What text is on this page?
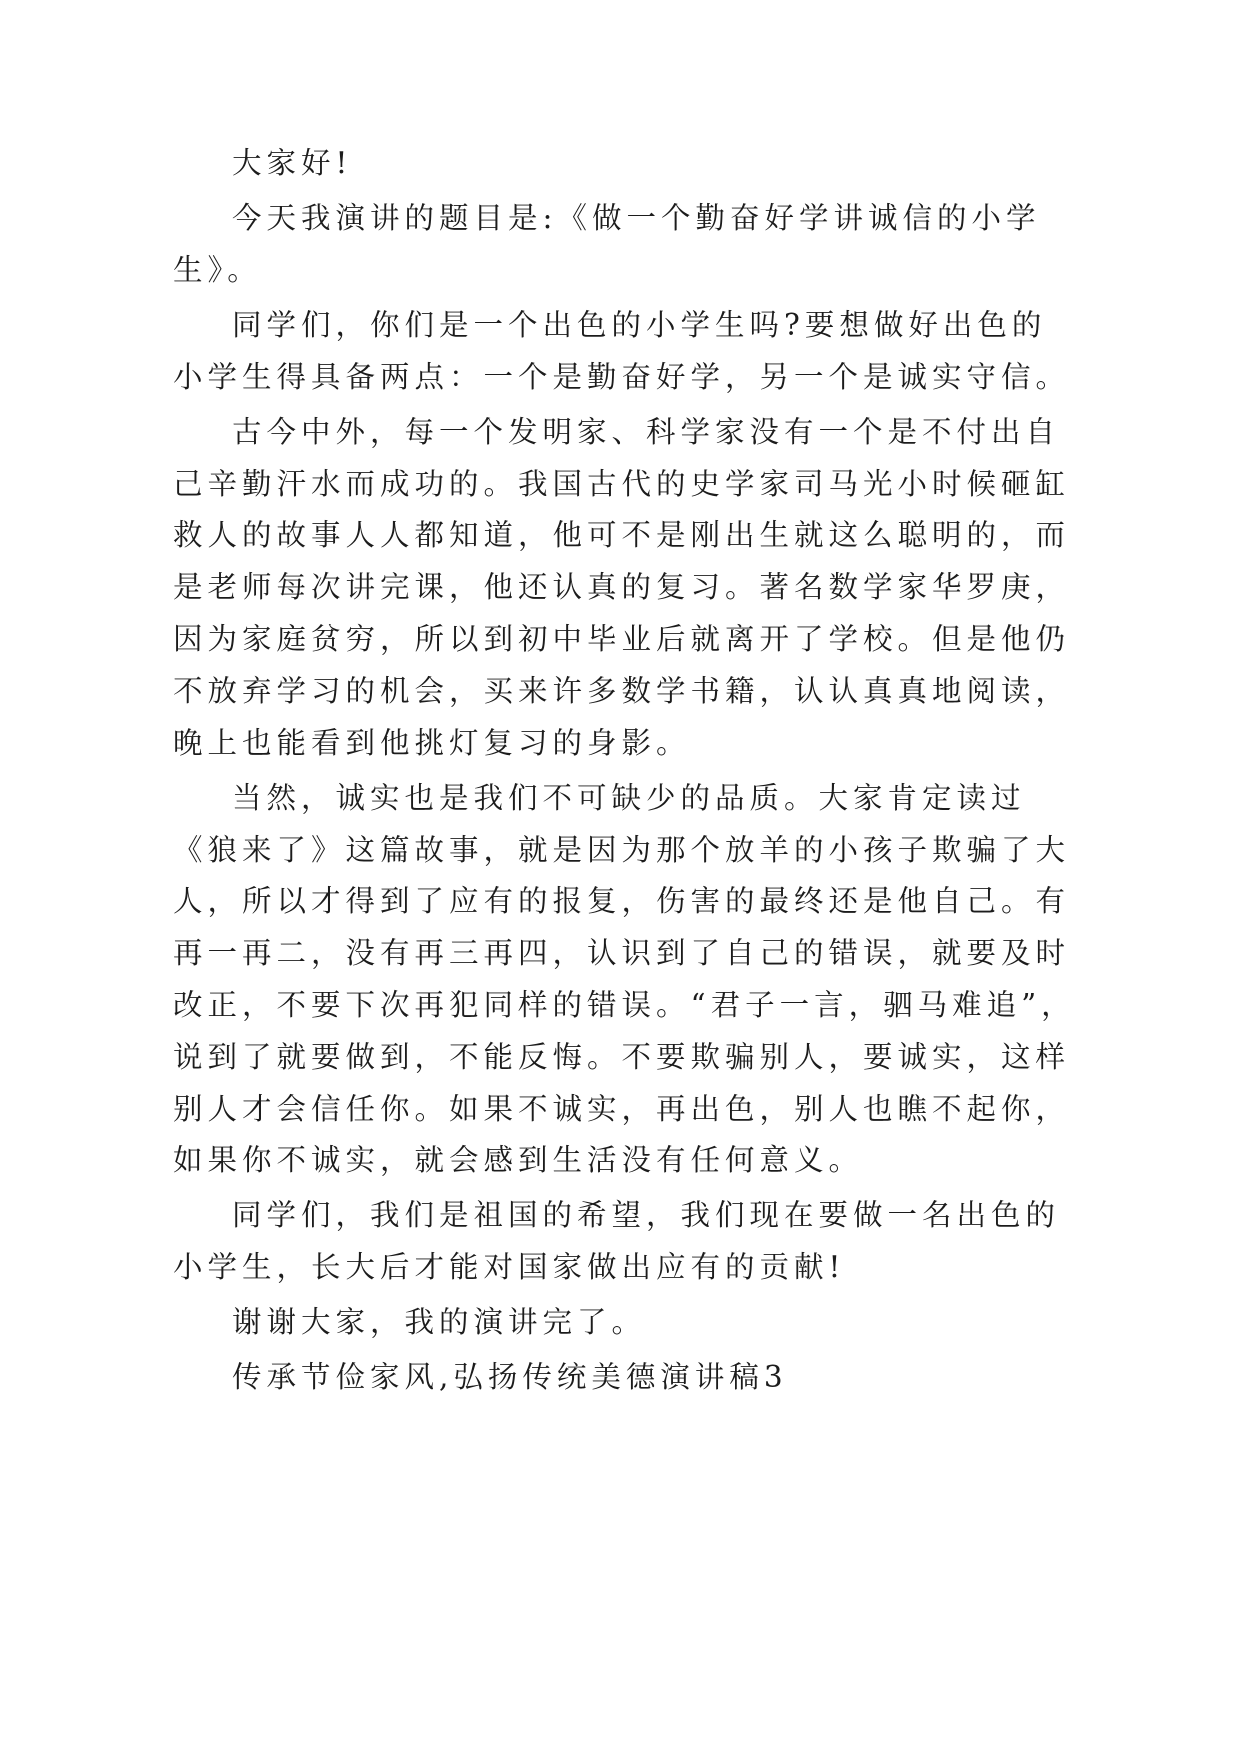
大家好!
今天我演讲的题目是:《做一个勤奋好学讲诚信的小学
生》。
同学们，你们是一个出色的小学生吗?要想做好出色的
小学生得具备两点：一个是勤奋好学，另一个是诚实守信。
古今中外，每一个发明家、科学家没有一个是不付出自
己辛勤汗水而成功的。我国古代的史学家司马光小时候砸缸
救人的故事人人都知道，他可不是刚出生就这么聪明的，而
是老师每次讲完课，他还认真的复习。著名数学家华罗庚，
因为家庭贫穷，所以到初中毕业后就离开了学校。但是他仍
不放弃学习的机会，买来许多数学书籍，认认真真地阅读，
晚上也能看到他挑灯复习的身影。
当然，诚实也是我们不可缺少的品质。大家肯定读过
《狼来了》这篇故事，就是因为那个放羊的小孩子欺骗了大
人，所以才得到了应有的报复，伤害的最终还是他自己。有
再一再二，没有再三再四，认识到了自己的错误，就要及时
改正，不要下次再犯同样的错误。“君子一言，驷马难追”，
说到了就要做到，不能反悔。不要欺骗别人，要诚实，这样
别人才会信任你。如果不诚实，再出色，别人也瞧不起你，
如果你不诚实，就会感到生活没有任何意义。
同学们，我们是祖国的希望，我们现在要做一名出色的
小学生，长大后才能对国家做出应有的贡献!
谢谢大家，我的演讲完了。
传承节俭家风,弘扬传统美德演讲稿3
